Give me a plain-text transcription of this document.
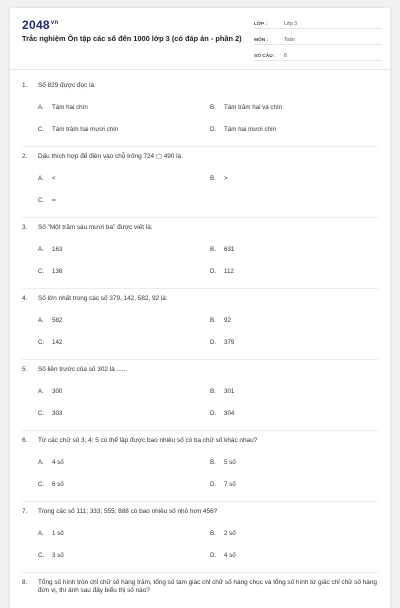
$2048^{vn}$
Trắc nghiệm Ôn tập các số đến 1000 lớp 3 (có đáp án - phần 2)
LỚP :	Lớp 3
MÔN :	Toán
SỐ CÂU :	8
1.	Số 829 được đọc là:
A. Tám hai chín	B. Tám trăm hai và chín
C. Tám trăm hai mươi chín	D. Tám hai mươi chín
2.	Dấu thích hợp để điền vào chỗ trống 724 ▢ 490 là:
A. <	B. >
C. =
3.	Số "Một trăm sáu mươi ba" được viết là:
A. 163	B. 631
C. 136	D. 112
4.	Số lớn nhất trong các số 379, 142, 582, 92 là:
A. 582	B. 92
C. 142	D. 379
5.	Số liền trước của số 302 là ......
A. 300	B. 301
C. 303	D. 304
6.	Từ các chữ số 3; 4; 5 có thể lập được bao nhiêu số có ba chữ số khác nhau?
A. 4 số	B. 5 số
C. 6 số	D. 7 số
7.	Trong các số 111; 333; 555; 888 có bao nhiêu số nhỏ hơn 456?
A. 1 số	B. 2 số
C. 3 số	D. 4 số
8.	Tổng số hình tròn chỉ chữ số hàng trăm, tổng số tam giác chỉ chữ số hàng chục và tổng số hình tứ giác chỉ chữ số hàng đơn vị, thì ảnh sau đây biểu thị số nào?
